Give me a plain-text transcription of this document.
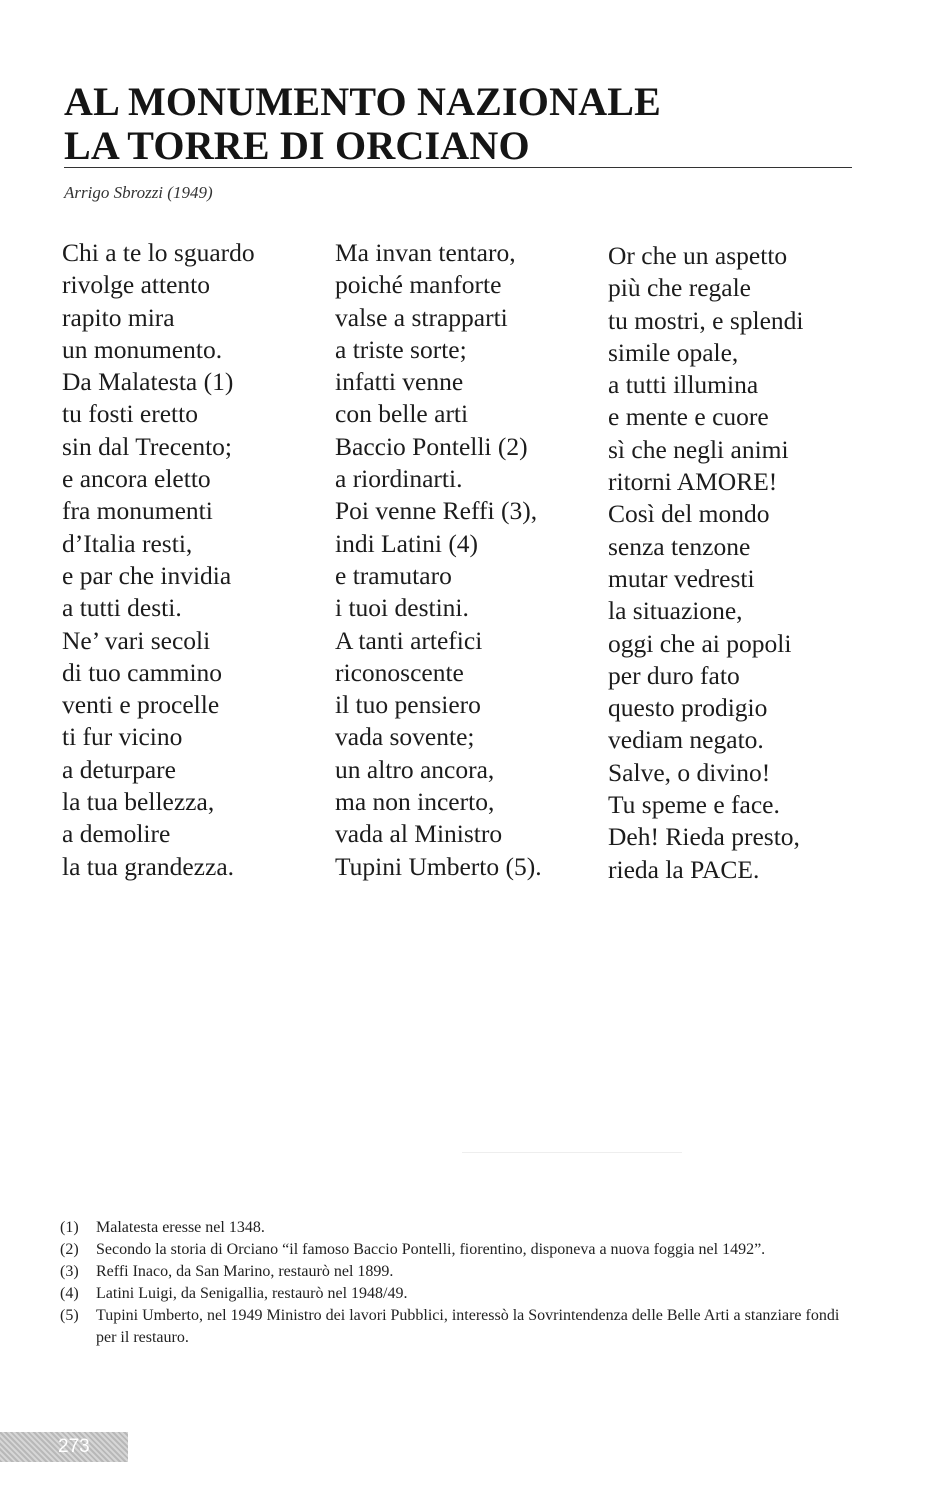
AL MONUMENTO NAZIONALE
LA TORRE DI ORCIANO
Arrigo Sbrozzi (1949)
Chi a te lo sguardo
rivolge attento
rapito mira
un monumento.
Da Malatesta (1)
tu fosti eretto
sin dal Trecento;
e ancora eletto
fra monumenti
d’Italia resti,
e par che invidia
a tutti desti.
Ne’ vari secoli
di tuo cammino
venti e procelle
ti fur vicino
a deturpare
la tua bellezza,
a demolire
la tua grandezza.
Ma invan tentaro,
poiché manforte
valse a strapparti
a triste sorte;
infatti venne
con belle arti
Baccio Pontelli (2)
a riordinarti.
Poi venne Reffi (3),
indi Latini (4)
e tramutaro
i tuoi destini.
A tanti artefici
riconoscente
il tuo pensiero
vada sovente;
un altro ancora,
ma non incerto,
vada al Ministro
Tupini Umberto (5).
Or che un aspetto
più che regale
tu mostri, e splendi
simile opale,
a tutti illumina
e mente e cuore
sì che negli animi
ritorni AMORE!
Così del mondo
senza tenzone
mutar vedresti
la situazione,
oggi che ai popoli
per duro fato
questo prodigio
vediam negato.
Salve, o divino!
Tu speme e face.
Deh! Rieda presto,
rieda la PACE.
(1)	Malatesta eresse nel 1348.
(2)	Secondo la storia di Orciano “il famoso Baccio Pontelli, fiorentino, disponeva a nuova foggia nel 1492”.
(3)	Reffi Inaco, da San Marino, restaurò nel 1899.
(4)	Latini Luigi, da Senigallia, restaurò nel 1948/49.
(5)	Tupini Umberto, nel 1949 Ministro dei lavori Pubblici, interessò la Sovrintendenza delle Belle Arti a stanziare fondi per il restauro.
273
